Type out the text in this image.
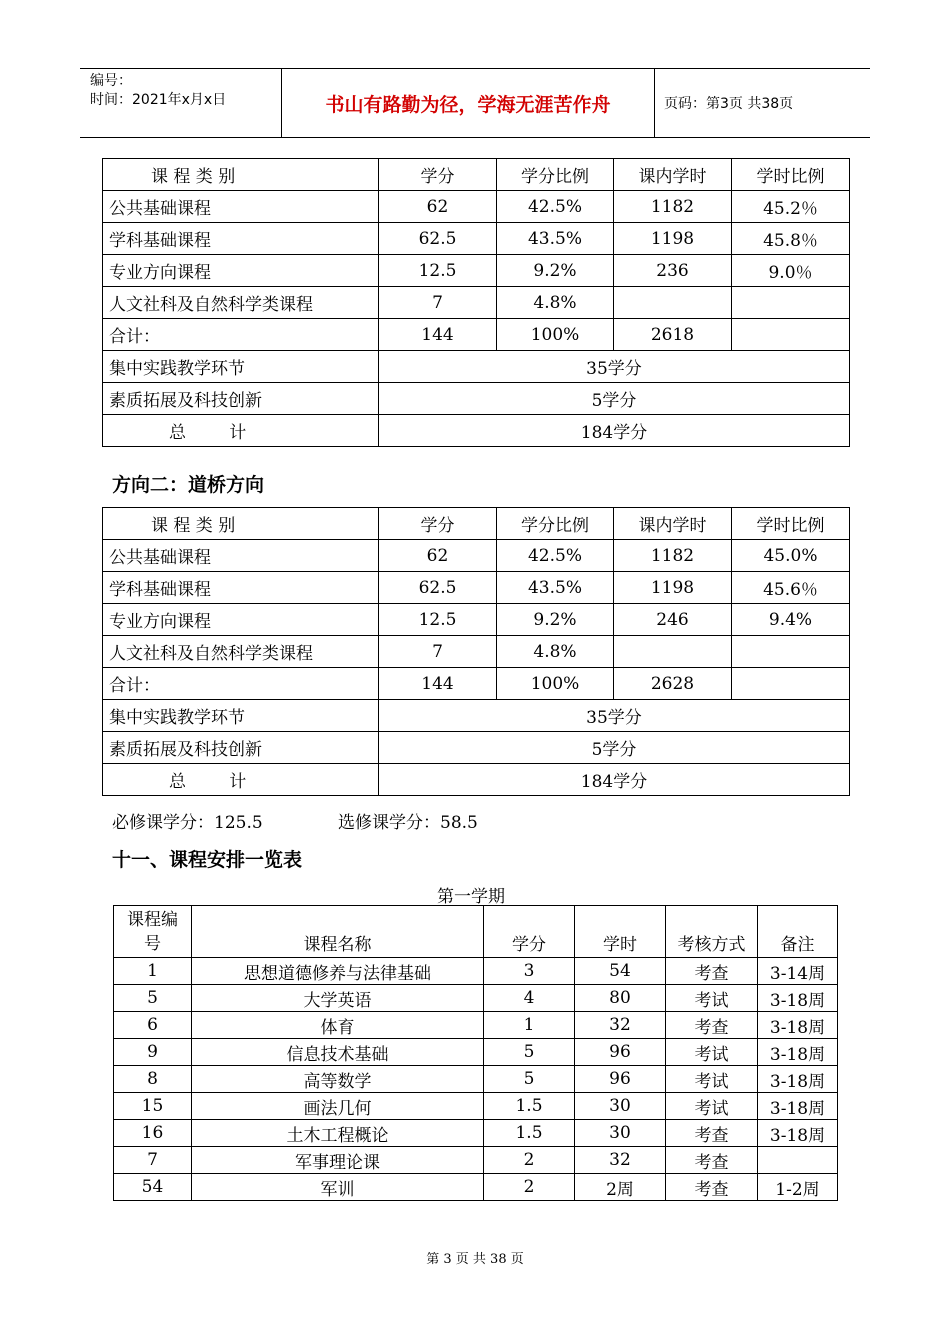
编号：
时间：2021年x月x日	书山有路勤为径，学海无涯苦作舟	页码：第3页 共38页
课 程 类 别	学分	学分比例	课内学时	学时比例
公共基础课程	62	42.5%	1182	45.2％
学科基础课程	62.5	43.5%	1198	45.8％
专业方向课程	12.5	9.2%	236	9.0％
人文社科及自然科学类课程	7	4.8%		
合计：	144	100%	2618	
集中实践教学环节	35学分			
素质拓展及科技创新	5学分			
总        计	184学分			
方向二：道桥方向
课 程 类 别	学分	学分比例	课内学时	学时比例
公共基础课程	62	42.5%	1182	45.0%
学科基础课程	62.5	43.5%	1198	45.6％
专业方向课程	12.5	9.2%	246	9.4%
人文社科及自然科学类课程	7	4.8%		
合计：	144	100%	2628	
集中实践教学环节	35学分			
素质拓展及科技创新	5学分			
总        计	184学分			
必修课学分：125.5	选修课学分：58.5
十一、课程安排一览表
第一学期
课程编
号	课程名称	学分	学时	考核方式	备注
1	思想道德修养与法律基础	3	54	考查	3-14周
5	大学英语	4	80	考试	3-18周
6	体育	1	32	考查	3-18周
9	信息技术基础	5	96	考试	3-18周
8	高等数学	5	96	考试	3-18周
15	画法几何	1.5	30	考试	3-18周
16	土木工程概论	1.5	30	考查	3-18周
7	军事理论课	2	32	考查	
54	军训	2	2周	考查	1-2周
第 3 页 共 38 页
